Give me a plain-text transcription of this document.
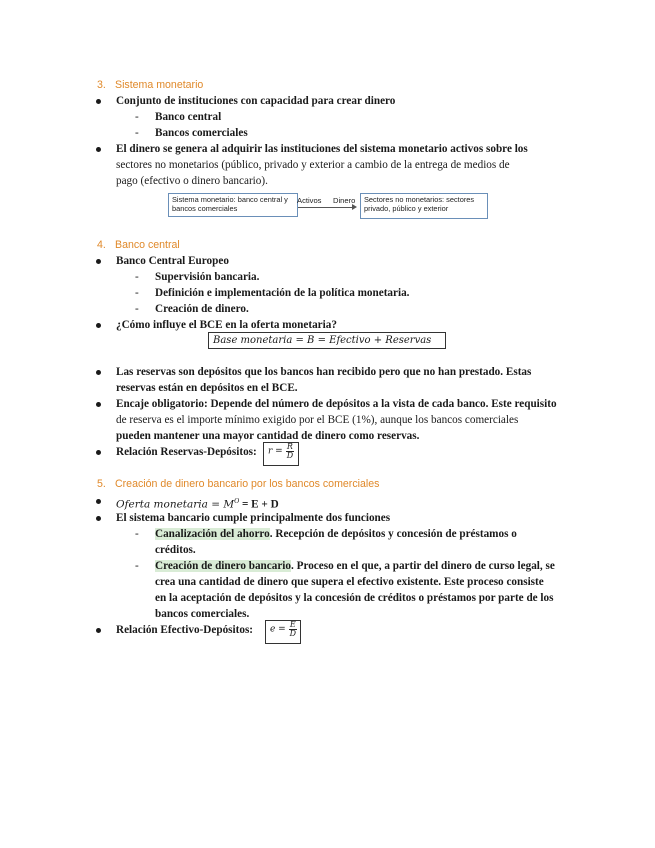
3. Sistema monetario
Conjunto de instituciones con capacidad para crear dinero
- Banco central
- Bancos comerciales
El dinero se genera al adquirir las instituciones del sistema monetario activos sobre los
sectores no monetarios (público, privado y exterior a cambio de la entrega de medios de
pago (efectivo o dinero bancario).
Sistema monetario: banco central y bancos comerciales
Activos Dinero	Sectores no monetarios: sectores privado, público y exterior
4. Banco central
Banco Central Europeo
- Supervisión bancaria.
- Definición e implementación de la política monetaria.
- Creación de dinero.
¿Cómo influye el BCE en la oferta monetaria?
Base monetaria = B = Efectivo + Reservas
Las reservas son depósitos que los bancos han recibido pero que no han prestado. Estas
reservas están en depósitos en el BCE.
Encaje obligatorio: Depende del número de depósitos a la vista de cada banco. Este requisito
de reserva es el importe mínimo exigido por el BCE (1%), aunque los bancos comerciales
pueden mantener una mayor cantidad de dinero como reservas.
Relación Reservas-Depósitos:	$r = \frac{R}{D}$
5. Creación de dinero bancario por los bancos comerciales
Oferta monetaria = $M^O = E + D$
El sistema bancario cumple principalmente dos funciones
- Canalización del ahorro. Recepción de depósitos y concesión de préstamos o
créditos.
- Creación de dinero bancario. Proceso en el que, a partir del dinero de curso legal, se
crea una cantidad de dinero que supera el efectivo existente. Este proceso consiste
en la aceptación de depósitos y la concesión de créditos o préstamos por parte de los
bancos comerciales.
Relación Efectivo-Depósitos:	$e = \frac{E}{D}$
